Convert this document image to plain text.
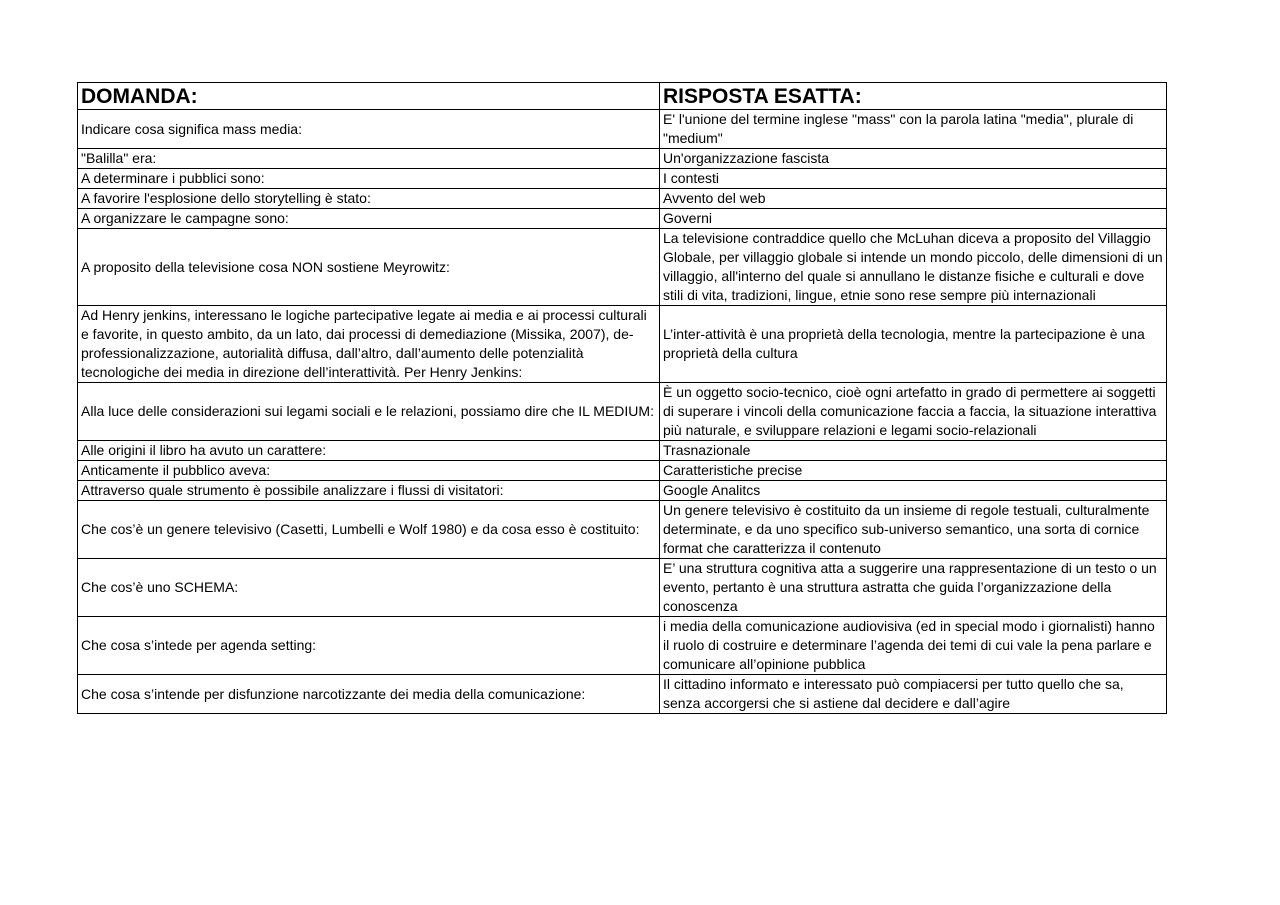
DOMANDA:	RISPOSTA ESATTA:
Indicare cosa significa mass media:	E' l'unione del termine inglese "mass" con la parola latina "media", plurale di "medium"
"Balilla" era:	Un'organizzazione fascista
A determinare i pubblici sono:	I contesti
A favorire l'esplosione dello storytelling è stato:	Avvento del web
A organizzare le campagne sono:	Governi
A proposito della televisione cosa NON sostiene Meyrowitz:	La televisione contraddice quello che McLuhan diceva a proposito del Villaggio Globale, per villaggio globale si intende un mondo piccolo, delle dimensioni di un villaggio, all'interno del quale si annullano le distanze fisiche e culturali e dove stili di vita, tradizioni, lingue, etnie sono rese sempre più internazionali
Ad Henry jenkins, interessano le logiche partecipative legate ai media e ai processi culturali e favorite, in questo ambito, da un lato, dai processi di demediazione (Missika, 2007), de-professionalizzazione, autorialità diffusa, dall’altro, dall’aumento delle potenzialità tecnologiche dei media in direzione dell’interattività. Per Henry Jenkins:	L’inter-attività è una proprietà della tecnologia, mentre la partecipazione è una proprietà della cultura
Alla luce delle considerazioni sui legami sociali e le relazioni, possiamo dire che IL MEDIUM:	È un oggetto socio-tecnico, cioè ogni artefatto in grado di permettere ai soggetti di superare i vincoli della comunicazione faccia a faccia, la situazione interattiva più naturale, e sviluppare relazioni e legami socio-relazionali
Alle origini il libro ha avuto un carattere:	Trasnazionale
Anticamente il pubblico aveva:	Caratteristiche precise
Attraverso quale strumento è possibile analizzare i flussi di visitatori:	Google Analitcs
Che cos’è un genere televisivo (Casetti, Lumbelli e Wolf 1980) e da cosa esso è costituito:	Un genere televisivo è costituito da un insieme di regole testuali, culturalmente determinate, e da uno specifico sub-universo semantico, una sorta di cornice format che caratterizza il contenuto
Che cos’è uno SCHEMA:	E’ una struttura cognitiva atta a suggerire una rappresentazione di un testo o un evento, pertanto è una struttura astratta che guida l’organizzazione della conoscenza
Che cosa s’intede per agenda setting:	i media della comunicazione audiovisiva (ed in special modo i giornalisti) hanno il ruolo di costruire e determinare l’agenda dei temi di cui vale la pena parlare e comunicare all’opinione pubblica
Che cosa s’intende per disfunzione narcotizzante dei media della comunicazione:	Il cittadino informato e interessato può compiacersi per tutto quello che sa, senza accorgersi che si astiene dal decidere e dall’agire
